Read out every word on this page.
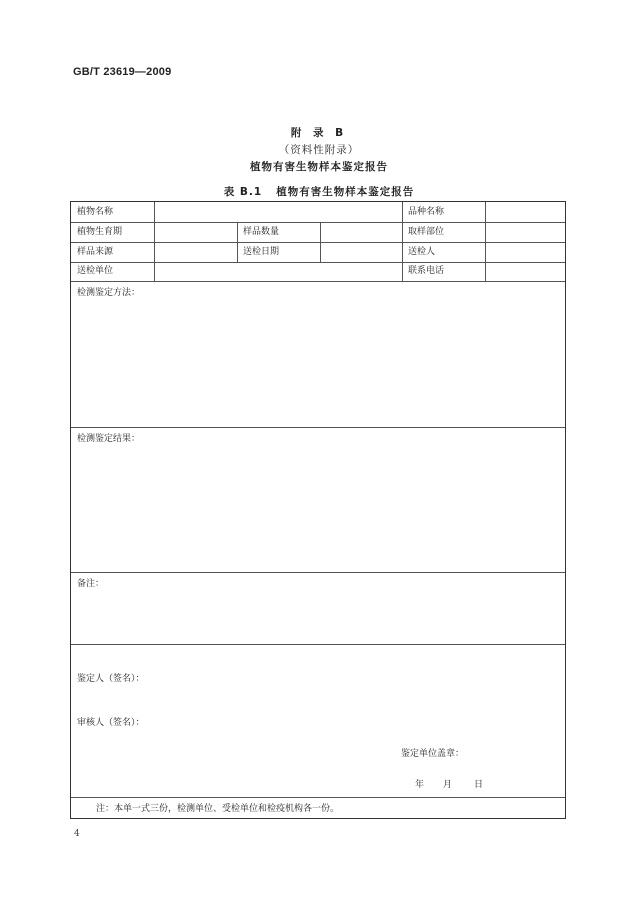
GB/T 23619—2009
附 录 B
（资料性附录）
植物有害生物样本鉴定报告
表 B.1 植物有害生物样本鉴定报告
植物名称	品种名称
植物生育期	样品数量	取样部位
样品来源	送检日期	送检人
送检单位	联系电话
检测鉴定方法：
检测鉴定结果：
备注：
鉴定人（签名）：
审核人（签名）：
鉴定单位盖章：
年 月 日
注：本单一式三份，检测单位、受检单位和检疫机构各一份。
4
